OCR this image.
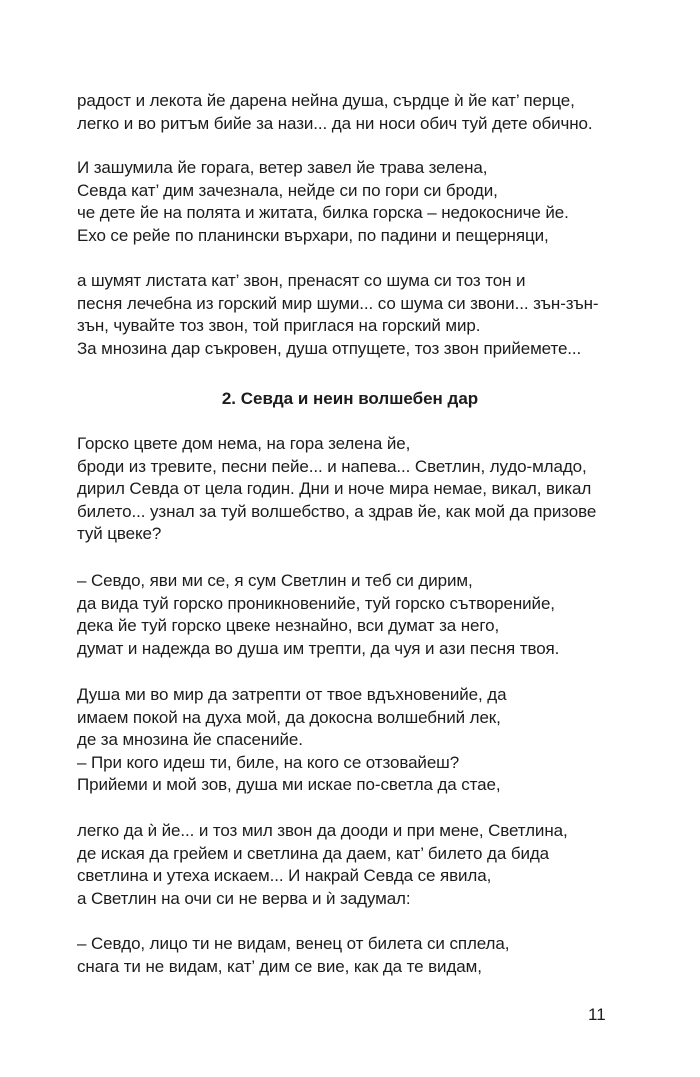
радост и лекота йе дарена нейна душа, сърдце ѝ йе кат’ перце,
легко и во ритъм бийе за нази... да ни носи обич туй дете обично.
И зашумила йе горага, ветер завел йе трава зелена,
Севда кат’ дим зачезнала, нейде си по гори си броди,
че дете йе на полята и житата, билка горска – недокосниче йе.
Ехо се рейе по планински върхари, по падини и пещерняци,
а шумят листата кат’ звон, пренасят со шума си тоз тон и
песня лечебна из горский мир шуми... со шума си звони... зън-зън-
зън, чувайте тоз звон, той приглася на горский мир.
За мнозина дар съкровен, душа отпущете, тоз звон прийемете...
2. Севда и неин волшебен дар
Горско цвете дом нема, на гора зелена йе,
броди из тревите, песни пейе... и напева... Светлин, лудо-младо,
дирил Севда от цела годин. Дни и ноче мира немае, викал, викал
билето... узнал за туй волшебство, а здрав йе, как мой да призове
туй цвеке?
– Севдо, яви ми се, я сум Светлин и теб си дирим,
да вида туй горско проникновенийе, туй горско сътворенийе,
дека йе туй горско цвеке незнайно, вси думат за него,
думат и надежда во душа им трепти, да чуя и ази песня твоя.
Душа ми во мир да затрепти от твое вдъхновенийе, да
имаем покой на духа мой, да докосна волшебний лек,
де за мнозина йе спасенийе.
– При кого идеш ти, биле, на кого се отзовайеш?
Прийеми и мой зов, душа ми искае по-светла да стае,
легко да ѝ йе... и тоз мил звон да дооди и при мене, Светлина,
де иская да грейем и светлина да даем, кат’ билето да бида
светлина и утеха искаем... И накрай Севда се явила,
а Светлин на очи си не верва и ѝ задумал:
– Севдо, лицо ти не видам, венец от билета си сплела,
снага ти не видам, кат’ дим се вие, как да те видам,
11
